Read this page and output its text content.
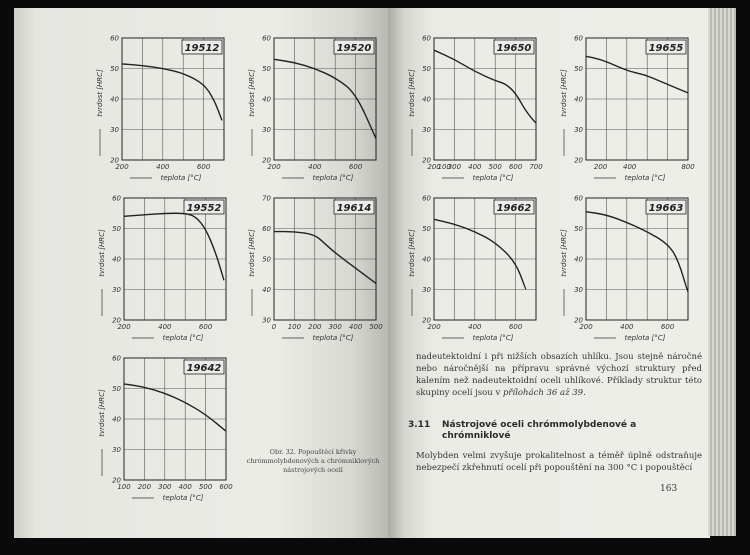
19512
20
30
40
50
60
200	400	600
teplota [°C]
tvrdost [HRC]
19520
20
30
40
50
60
200	400	600
teplota [°C]
tvrdost [HRC]
19552
20
30
40
50
60
200	400	600
teplota [°C]
tvrdost [HRC]
19614
30
40
50
60
70
0 100 200 300 400 500
teplota [°C]
tvrdost [HRC]
19642
20
30
40
50
60
100 200 300 400 500 600
teplota [°C]
tvrdost [HRC]
Obr. 32. Popouštěcí křivky chrómmolybdenových a chrómniklových nástrojových ocelí
19650
20
30
40
50
60
200
100
300 400 500 600 700
teplota [°C]
tvrdost [HRC]
19655
20
30
40
50
60
200 400	800
teplota [°C]
tvrdost [HRC]
19662
20
30
40
50
60
200	400	600
teplota [°C]
tvrdost [HRC]
19663
20
30
40
50
60
200	400	600
teplota [°C]
tvrdost [HRC]
nadeutektoidní i při nižších obsazích uhlíku. Jsou stejně náročné nebo náročnější na přípravu správné výchozí struktury před kalením než nadeutektoidní oceli uhlíkové. Příklady struktur této skupiny ocelí jsou v přílohách 36 až 39.
3.11	Nástrojové oceli chrómmolybdenové a chrómniklové
Molybden velmi zvyšuje prokalitelnost a téměř úplně odstraňuje nebezpečí zkřehnutí ocelí při popouštění na 300 °C i popouštěcí
163
